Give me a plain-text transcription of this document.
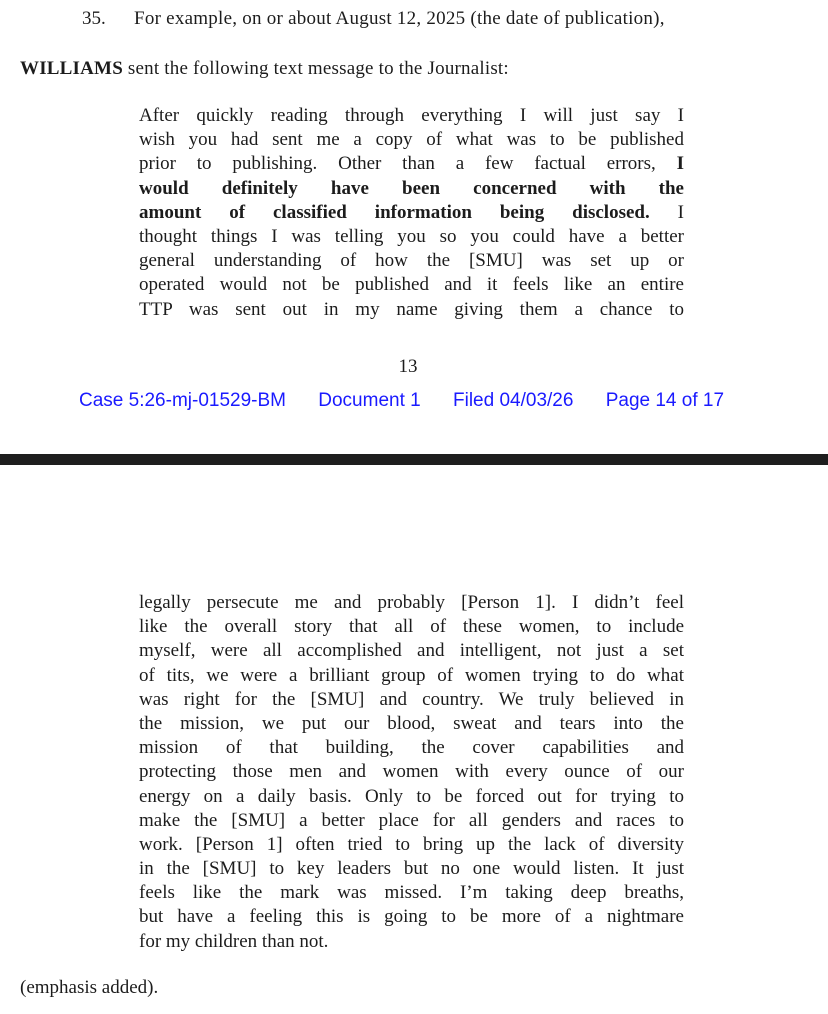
35. For example, on or about August 12, 2025 (the date of publication),
WILLIAMS sent the following text message to the Journalist:
After quickly reading through everything I will just say I
wish you had sent me a copy of what was to be published
prior to publishing. Other than a few factual errors, I
would definitely have been concerned with the
amount of classified information being disclosed. I
thought things I was telling you so you could have a better
general understanding of how the [SMU] was set up or
operated would not be published and it feels like an entire
TTP was sent out in my name giving them a chance to
13
Case 5:26-mj-01529-BM Document 1 Filed 04/03/26 Page 14 of 17
legally persecute me and probably [Person 1]. I didn’t feel
like the overall story that all of these women, to include
myself, were all accomplished and intelligent, not just a set
of tits, we were a brilliant group of women trying to do what
was right for the [SMU] and country. We truly believed in
the mission, we put our blood, sweat and tears into the
mission of that building, the cover capabilities and
protecting those men and women with every ounce of our
energy on a daily basis. Only to be forced out for trying to
make the [SMU] a better place for all genders and races to
work. [Person 1] often tried to bring up the lack of diversity
in the [SMU] to key leaders but no one would listen. It just
feels like the mark was missed. I’m taking deep breaths,
but have a feeling this is going to be more of a nightmare
for my children than not.
(emphasis added).
